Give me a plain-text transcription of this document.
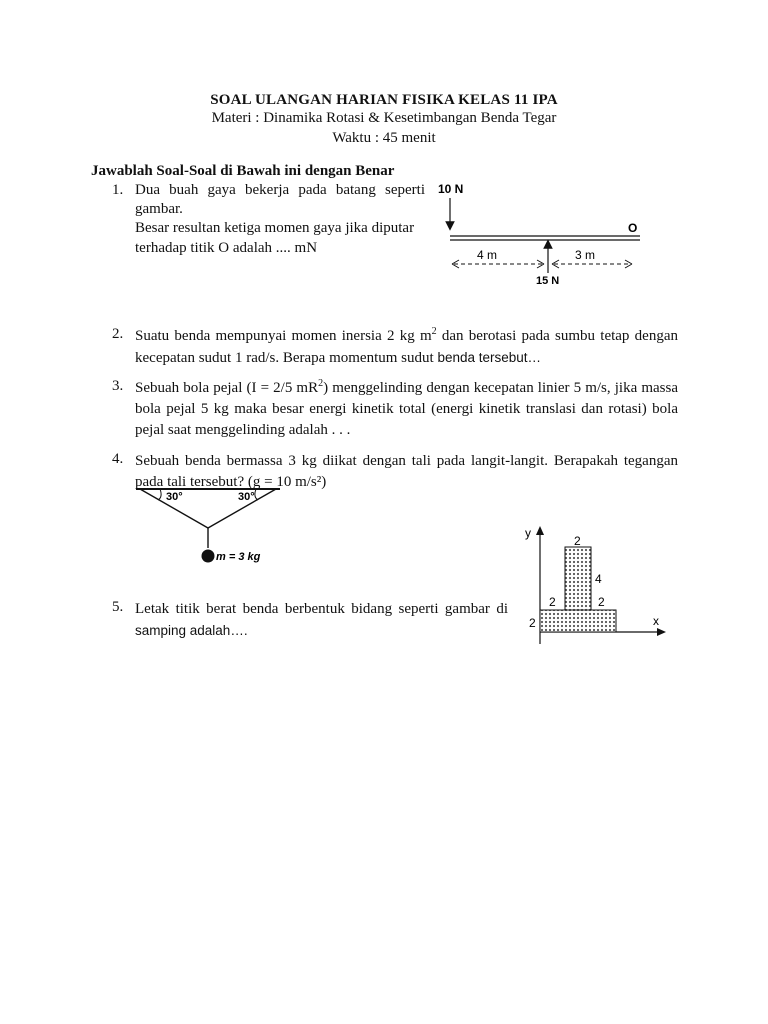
SOAL ULANGAN HARIAN FISIKA KELAS 11 IPA
Materi : Dinamika Rotasi & Kesetimbangan Benda Tegar
Waktu : 45 menit
Jawablah Soal-Soal di Bawah ini dengan Benar
1. Dua buah gaya bekerja pada batang seperti
gambar.
Besar resultan ketiga momen gaya jika diputar
terhadap titik O adalah .... mN
10 N
O
15 N
4 m	3 m
2. Suatu benda mempunyai momen inersia 2 kg $m^2$ dan berotasi pada sumbu tetap dengan kecepatan sudut 1 rad/s. Berapa momentum sudut benda tersebut…
3. Sebuah bola pejal (I = 2/5 $mR^2$) menggelinding dengan kecepatan linier 5 m/s, jika massa bola pejal 5 kg maka besar energi kinetik total (energi kinetik translasi dan rotasi) bola pejal saat menggelinding adalah . . .
4. Sebuah benda bermassa 3 kg diikat dengan tali pada langit-langit. Berapakah tegangan pada tali tersebut? (g = 10 m/s²)
30°	30°
m = 3 kg
5. Letak titik berat benda berbentuk bidang seperti gambar di samping adalah….
y
x
2
4
2	2
2
